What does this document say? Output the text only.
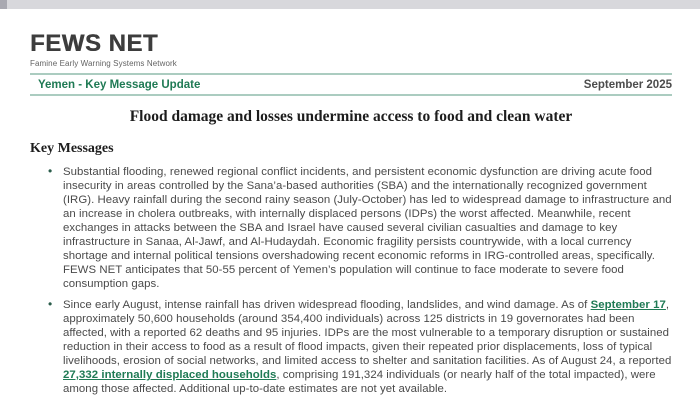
FEWS NET
Famine Early Warning Systems Network
Yemen - Key Message Update	September 2025
Flood damage and losses undermine access to food and clean water
Key Messages
• Substantial flooding, renewed regional conflict incidents, and persistent economic dysfunction are driving acute food insecurity in areas controlled by the Sana’a-based authorities (SBA) and the internationally recognized government (IRG). Heavy rainfall during the second rainy season (July-October) has led to widespread damage to infrastructure and an increase in cholera outbreaks, with internally displaced persons (IDPs) the worst affected. Meanwhile, recent exchanges in attacks between the SBA and Israel have caused several civilian casualties and damage to key infrastructure in Sanaa, Al-Jawf, and Al-Hudaydah. Economic fragility persists countrywide, with a local currency shortage and internal political tensions overshadowing recent economic reforms in IRG-controlled areas, specifically. FEWS NET anticipates that 50-55 percent of Yemen’s population will continue to face moderate to severe food consumption gaps.
• Since early August, intense rainfall has driven widespread flooding, landslides, and wind damage. As of September 17, approximately 50,600 households (around 354,400 individuals) across 125 districts in 19 governorates had been affected, with a reported 62 deaths and 95 injuries. IDPs are the most vulnerable to a temporary disruption or sustained reduction in their access to food as a result of flood impacts, given their repeated prior displacements, loss of typical livelihoods, erosion of social networks, and limited access to shelter and sanitation facilities. As of August 24, a reported 27,332 internally displaced households, comprising 191,324 individuals (or nearly half of the total impacted), were among those affected. Additional up-to-date estimates are not yet available.
